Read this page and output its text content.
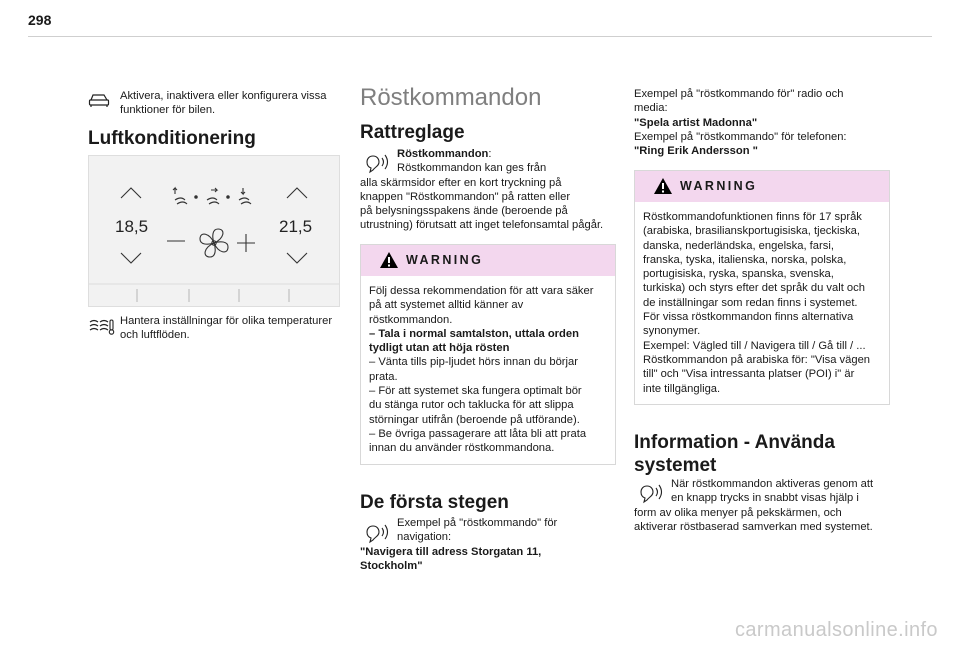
298
Aktivera, inaktivera eller konfigurera vissa funktioner för bilen.
Luftkonditionering
18,5	21,5
Hantera inställningar för olika temperaturer och luftflöden.
Röstkommandon
Rattreglage
Röstkommandon:
Röstkommandon kan ges från
alla skärmsidor efter en kort tryckning på
knappen "Röstkommandon" på ratten eller
på belysningsspakens ände (beroende på
utrustning) förutsatt att inget telefonsamtal pågår.
WARNING
Följ dessa rekommendation för att vara säker
på att systemet alltid känner av
röstkommandon.
– Tala i normal samtalston, uttala orden
tydligt utan att höja rösten
– Vänta tills pip-ljudet hörs innan du börjar
prata.
– För att systemet ska fungera optimalt bör
du stänga rutor och taklucka för att slippa
störningar utifrån (beroende på utförande).
– Be övriga passagerare att låta bli att prata
innan du använder röstkommandona.
De första stegen
Exempel på "röstkommando" för
navigation:
"Navigera till adress Storgatan 11,
Stockholm"
Exempel på "röstkommando för" radio och
media:
"Spela artist Madonna"
Exempel på "röstkommando" för telefonen:
"Ring Erik Andersson "
WARNING
Röstkommandofunktionen finns för 17 språk
(arabiska, brasilianskportugisiska, tjeckiska,
danska, nederländska, engelska, farsi,
franska, tyska, italienska, norska, polska,
portugisiska, ryska, spanska, svenska,
turkiska) och styrs efter det språk du valt och
de inställningar som redan finns i systemet.
För vissa röstkommandon finns alternativa
synonymer.
Exempel: Vägled till / Navigera till / Gå till / ...
Röstkommandon på arabiska för: "Visa vägen
till" och "Visa intressanta platser (POI) i" är
inte tillgängliga.
Information - Använda
systemet
När röstkommandon aktiveras genom att
en knapp trycks in snabbt visas hjälp i
form av olika menyer på pekskärmen, och
aktiverar röstbaserad samverkan med systemet.
carmanualsonline.info
